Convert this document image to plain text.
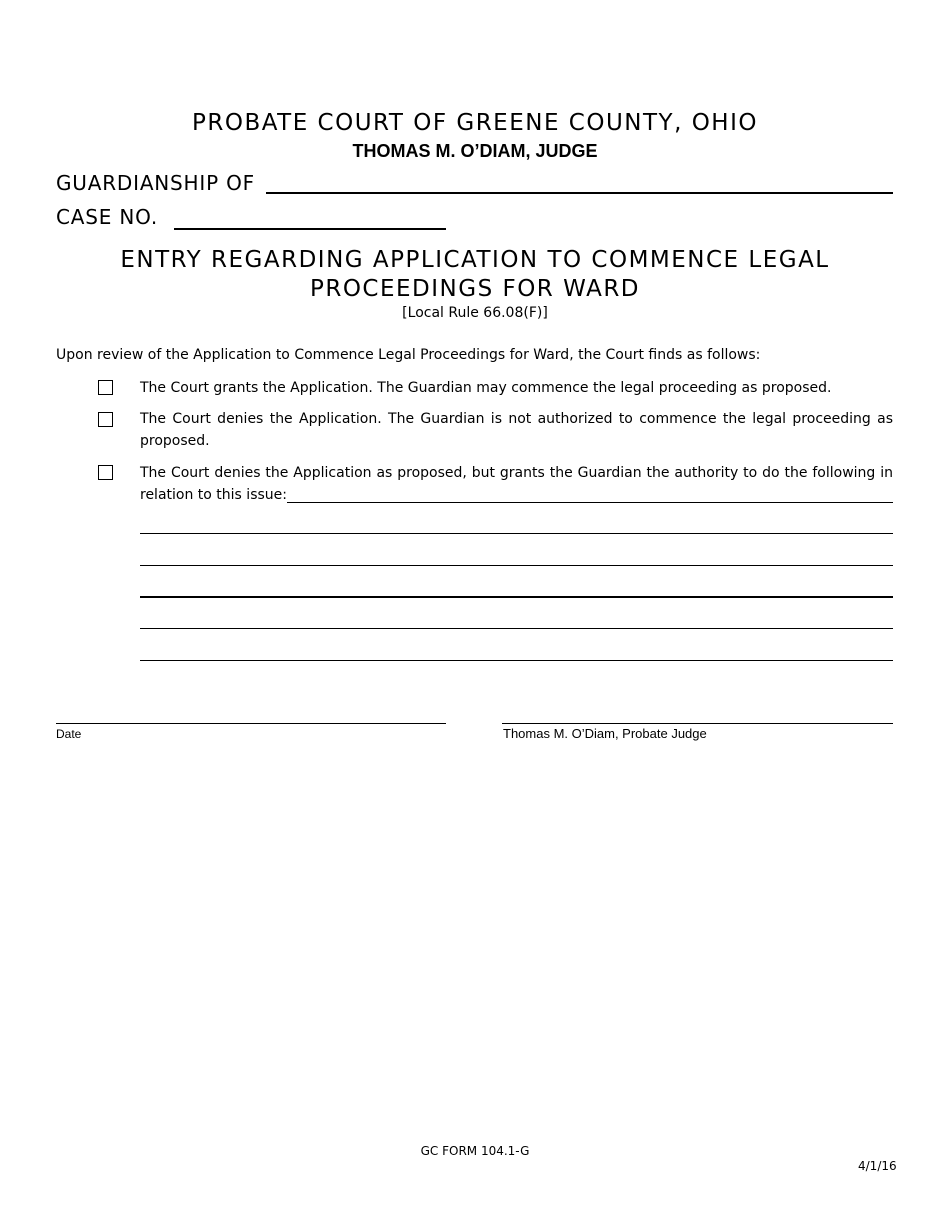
PROBATE COURT OF GREENE COUNTY, OHIO
THOMAS M. O’DIAM, JUDGE
GUARDIANSHIP OF
CASE NO.
ENTRY REGARDING APPLICATION TO COMMENCE LEGAL PROCEEDINGS FOR WARD
[Local Rule 66.08(F)]
Upon review of the Application to Commence Legal Proceedings for Ward, the Court finds as follows:
The Court grants the Application. The Guardian may commence the legal proceeding as proposed.
The Court denies the Application. The Guardian is not authorized to commence the legal proceeding as proposed.
The Court denies the Application as proposed, but grants the Guardian the authority to do the following in relation to this issue:
Date	Thomas M. O’Diam, Probate Judge
GC FORM 104.1-G
4/1/16
